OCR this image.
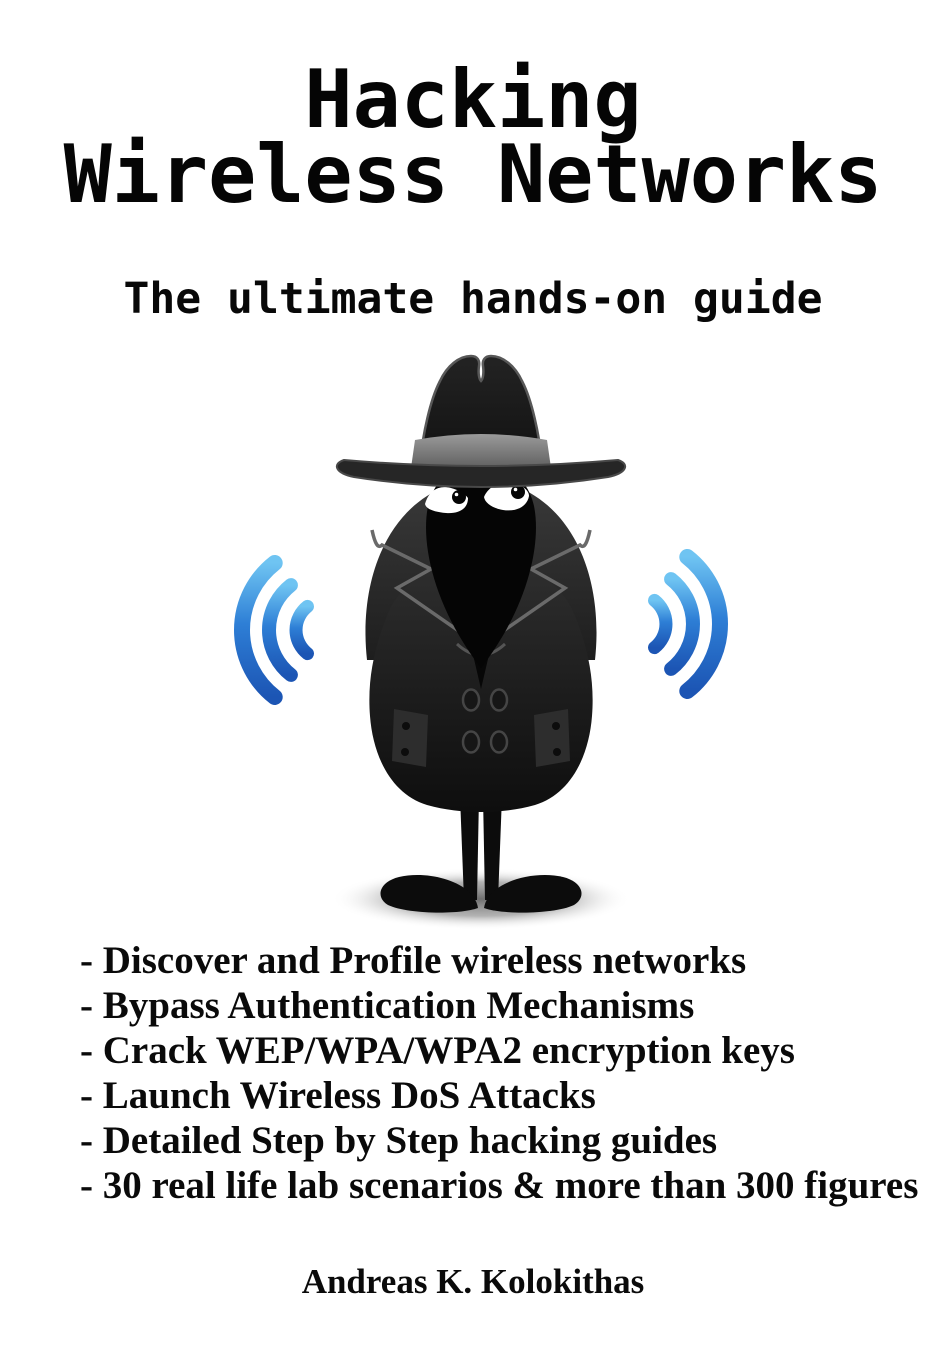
Hacking
Wireless Networks
The ultimate hands-on guide
- Discover and Profile wireless networks
- Bypass Authentication Mechanisms
- Crack WEP/WPA/WPA2 encryption keys
- Launch Wireless DoS Attacks
- Detailed Step by Step hacking guides
- 30 real life lab scenarios & more than 300 figures
Andreas K. Kolokithas
